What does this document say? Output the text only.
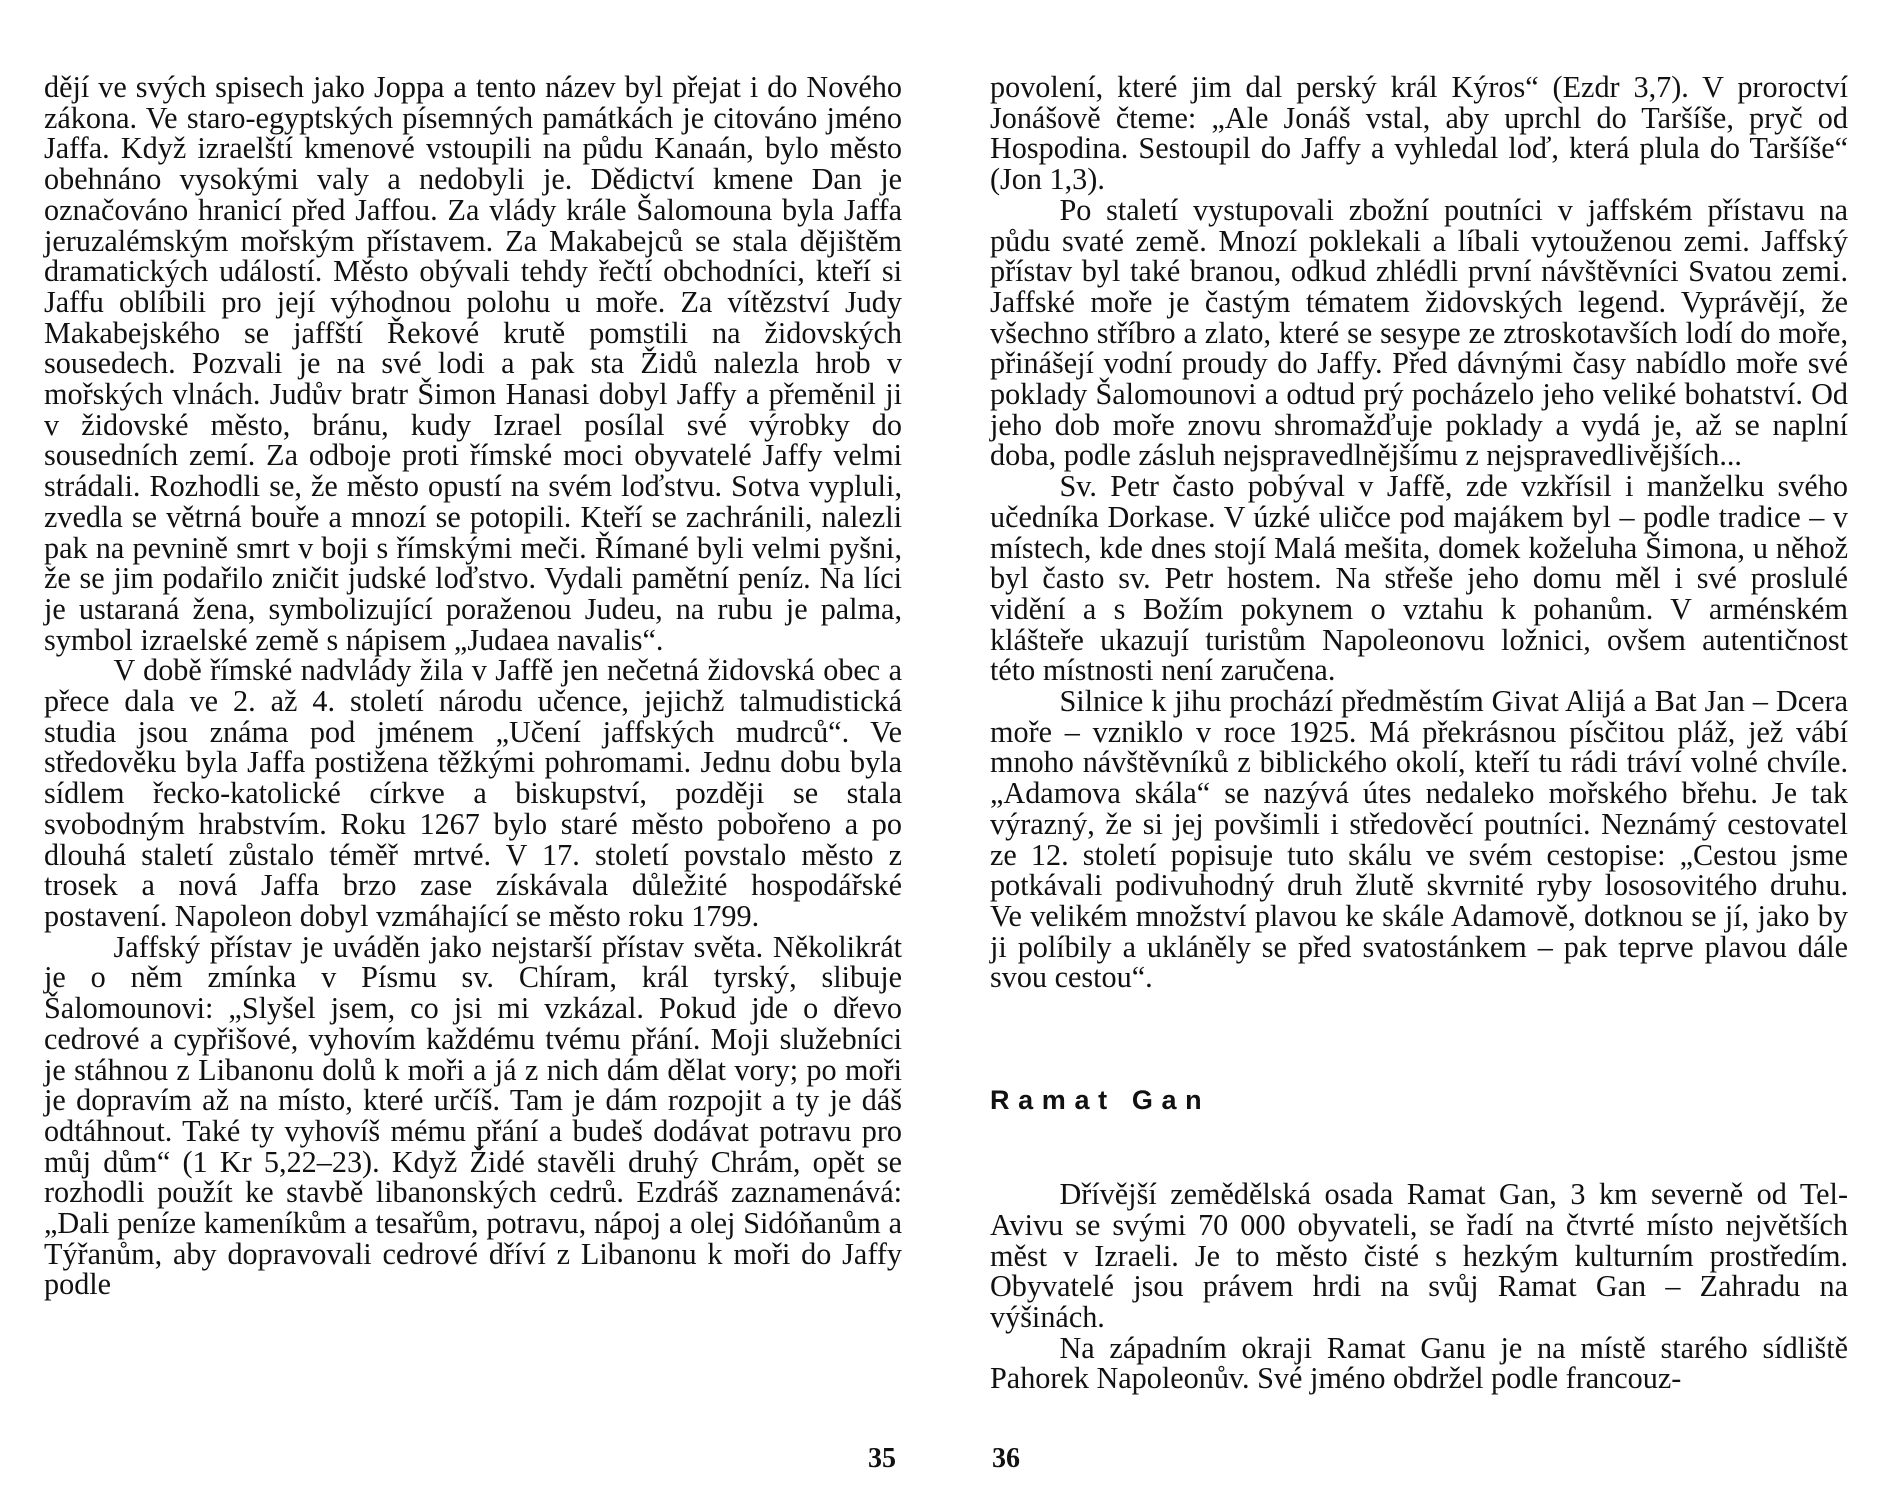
dějí ve svých spisech jako Joppa a tento název byl přejat i do Nového zákona. Ve staro-egyptských písemných památkách je citováno jméno Jaffa. Když izraelští kmenové vstoupili na půdu Kanaán, bylo město obehnáno vysokými valy a nedobyli je. Dědictví kmene Dan je označováno hranicí před Jaffou. Za vlády krále Šalomouna byla Jaffa jeruzalémským mořským přístavem. Za Makabejců se stala dějištěm dramatických událostí. Město obývali tehdy řečtí obchodníci, kteří si Jaffu oblíbili pro její výhodnou polohu u moře. Za vítězství Judy Makabejského se jaffští Řekové krutě pomstili na židovských sousedech. Pozvali je na své lodi a pak sta Židů nalezla hrob v mořských vlnách. Judův bratr Šimon Hanasi dobyl Jaffy a přeměnil ji v židovské město, bránu, kudy Izrael posílal své výrobky do sousedních zemí. Za odboje proti římské moci obyvatelé Jaffy velmi strádali. Rozhodli se, že město opustí na svém loďstvu. Sotva vypluli, zvedla se větrná bouře a mnozí se potopili. Kteří se zachránili, nalezli pak na pevnině smrt v boji s římskými meči. Římané byli velmi pyšni, že se jim podařilo zničit judské loďstvo. Vydali pamětní peníz. Na líci je ustaraná žena, symbolizující poraženou Judeu, na rubu je palma, symbol izraelské země s nápisem „Judaea navalis“.

V době římské nadvlády žila v Jaffě jen nečetná židovská obec a přece dala ve 2. až 4. století národu učence, jejichž talmudistická studia jsou známa pod jménem „Učení jaffských mudrců“. Ve středověku byla Jaffa postižena těžkými pohromami. Jednu dobu byla sídlem řecko-katolické církve a biskupství, později se stala svobodným hrabstvím. Roku 1267 bylo staré město pobořeno a po dlouhá staletí zůstalo téměř mrtvé. V 17. století povstalo město z trosek a nová Jaffa brzo zase získávala důležité hospodářské postavení. Napoleon dobyl vzmáhající se město roku 1799.

Jaffský přístav je uváděn jako nejstarší přístav světa. Několikrát je o něm zmínka v Písmu sv. Chíram, král tyrský, slibuje Šalomounovi: „Slyšel jsem, co jsi mi vzkázal. Pokud jde o dřevo cedrové a cypřišové, vyhovím každému tvému přání. Moji služebníci je stáhnou z Libanonu dolů k moři a já z nich dám dělat vory; po moři je dopravím až na místo, které určíš. Tam je dám rozpojit a ty je dáš odtáhnout. Také ty vyhovíš mému přání a budeš dodávat potravu pro můj dům“ (1 Kr 5,22–23). Když Židé stavěli druhý Chrám, opět se rozhodli použít ke stavbě libanonských cedrů. Ezdráš zaznamenává: „Dali peníze kameníkům a tesařům, potravu, nápoj a olej Sidóňanům a Týřanům, aby dopravovali cedrové dříví z Libanonu k moři do Jaffy podle

povolení, které jim dal perský král Kýros“ (Ezdr 3,7). V proroctví Jonášově čteme: „Ale Jonáš vstal, aby uprchl do Taršíše, pryč od Hospodina. Sestoupil do Jaffy a vyhledal loď, která plula do Taršíše“ (Jon 1,3).

Po staletí vystupovali zbožní poutníci v jaffském přístavu na půdu svaté země. Mnozí poklekali a líbali vytouženou zemi. Jaffský přístav byl také branou, odkud zhlédli první návštěvníci Svatou zemi. Jaffské moře je častým tématem židovských legend. Vyprávějí, že všechno stříbro a zlato, které se sesype ze ztroskotavších lodí do moře, přinášejí vodní proudy do Jaffy. Před dávnými časy nabídlo moře své poklady Šalomounovi a odtud prý pocházelo jeho veliké bohatství. Od jeho dob moře znovu shromažďuje poklady a vydá je, až se naplní doba, podle zásluh nejspravedlnějšímu z nejspravedlivějších...

Sv. Petr často pobýval v Jaffě, zde vzkřísil i manželku svého učedníka Dorkase. V úzké uličce pod majákem byl – podle tradice – v místech, kde dnes stojí Malá mešita, domek koželuha Šimona, u něhož byl často sv. Petr hostem. Na střeše jeho domu měl i své proslulé vidění a s Božím pokynem o vztahu k pohanům. V arménském klášteře ukazují turistům Napoleonovu ložnici, ovšem autentičnost této místnosti není zaručena.

Silnice k jihu prochází předměstím Givat Alijá a Bat Jan – Dcera moře – vzniklo v roce 1925. Má překrásnou písčitou pláž, jež vábí mnoho návštěvníků z biblického okolí, kteří tu rádi tráví volné chvíle. „Adamova skála“ se nazývá útes nedaleko mořského břehu. Je tak výrazný, že si jej povšimli i středověcí poutníci. Neznámý cestovatel ze 12. století popisuje tuto skálu ve svém cestopise: „Cestou jsme potkávali podivuhodný druh žlutě skvrnité ryby lososovitého druhu. Ve velikém množství plavou ke skále Adamově, dotknou se jí, jako by ji políbily a ukláněly se před svatostánkem – pak teprve plavou dále svou cestou“.

Ramat Gan

Dřívější zemědělská osada Ramat Gan, 3 km severně od Tel-Avivu se svými 70 000 obyvateli, se řadí na čtvrté místo největších měst v Izraeli. Je to město čisté s hezkým kulturním prostředím. Obyvatelé jsou právem hrdi na svůj Ramat Gan – Zahradu na výšinách.

Na západním okraji Ramat Ganu je na místě starého sídliště Pahorek Napoleonův. Své jméno obdržel podle francouz-

35	36
